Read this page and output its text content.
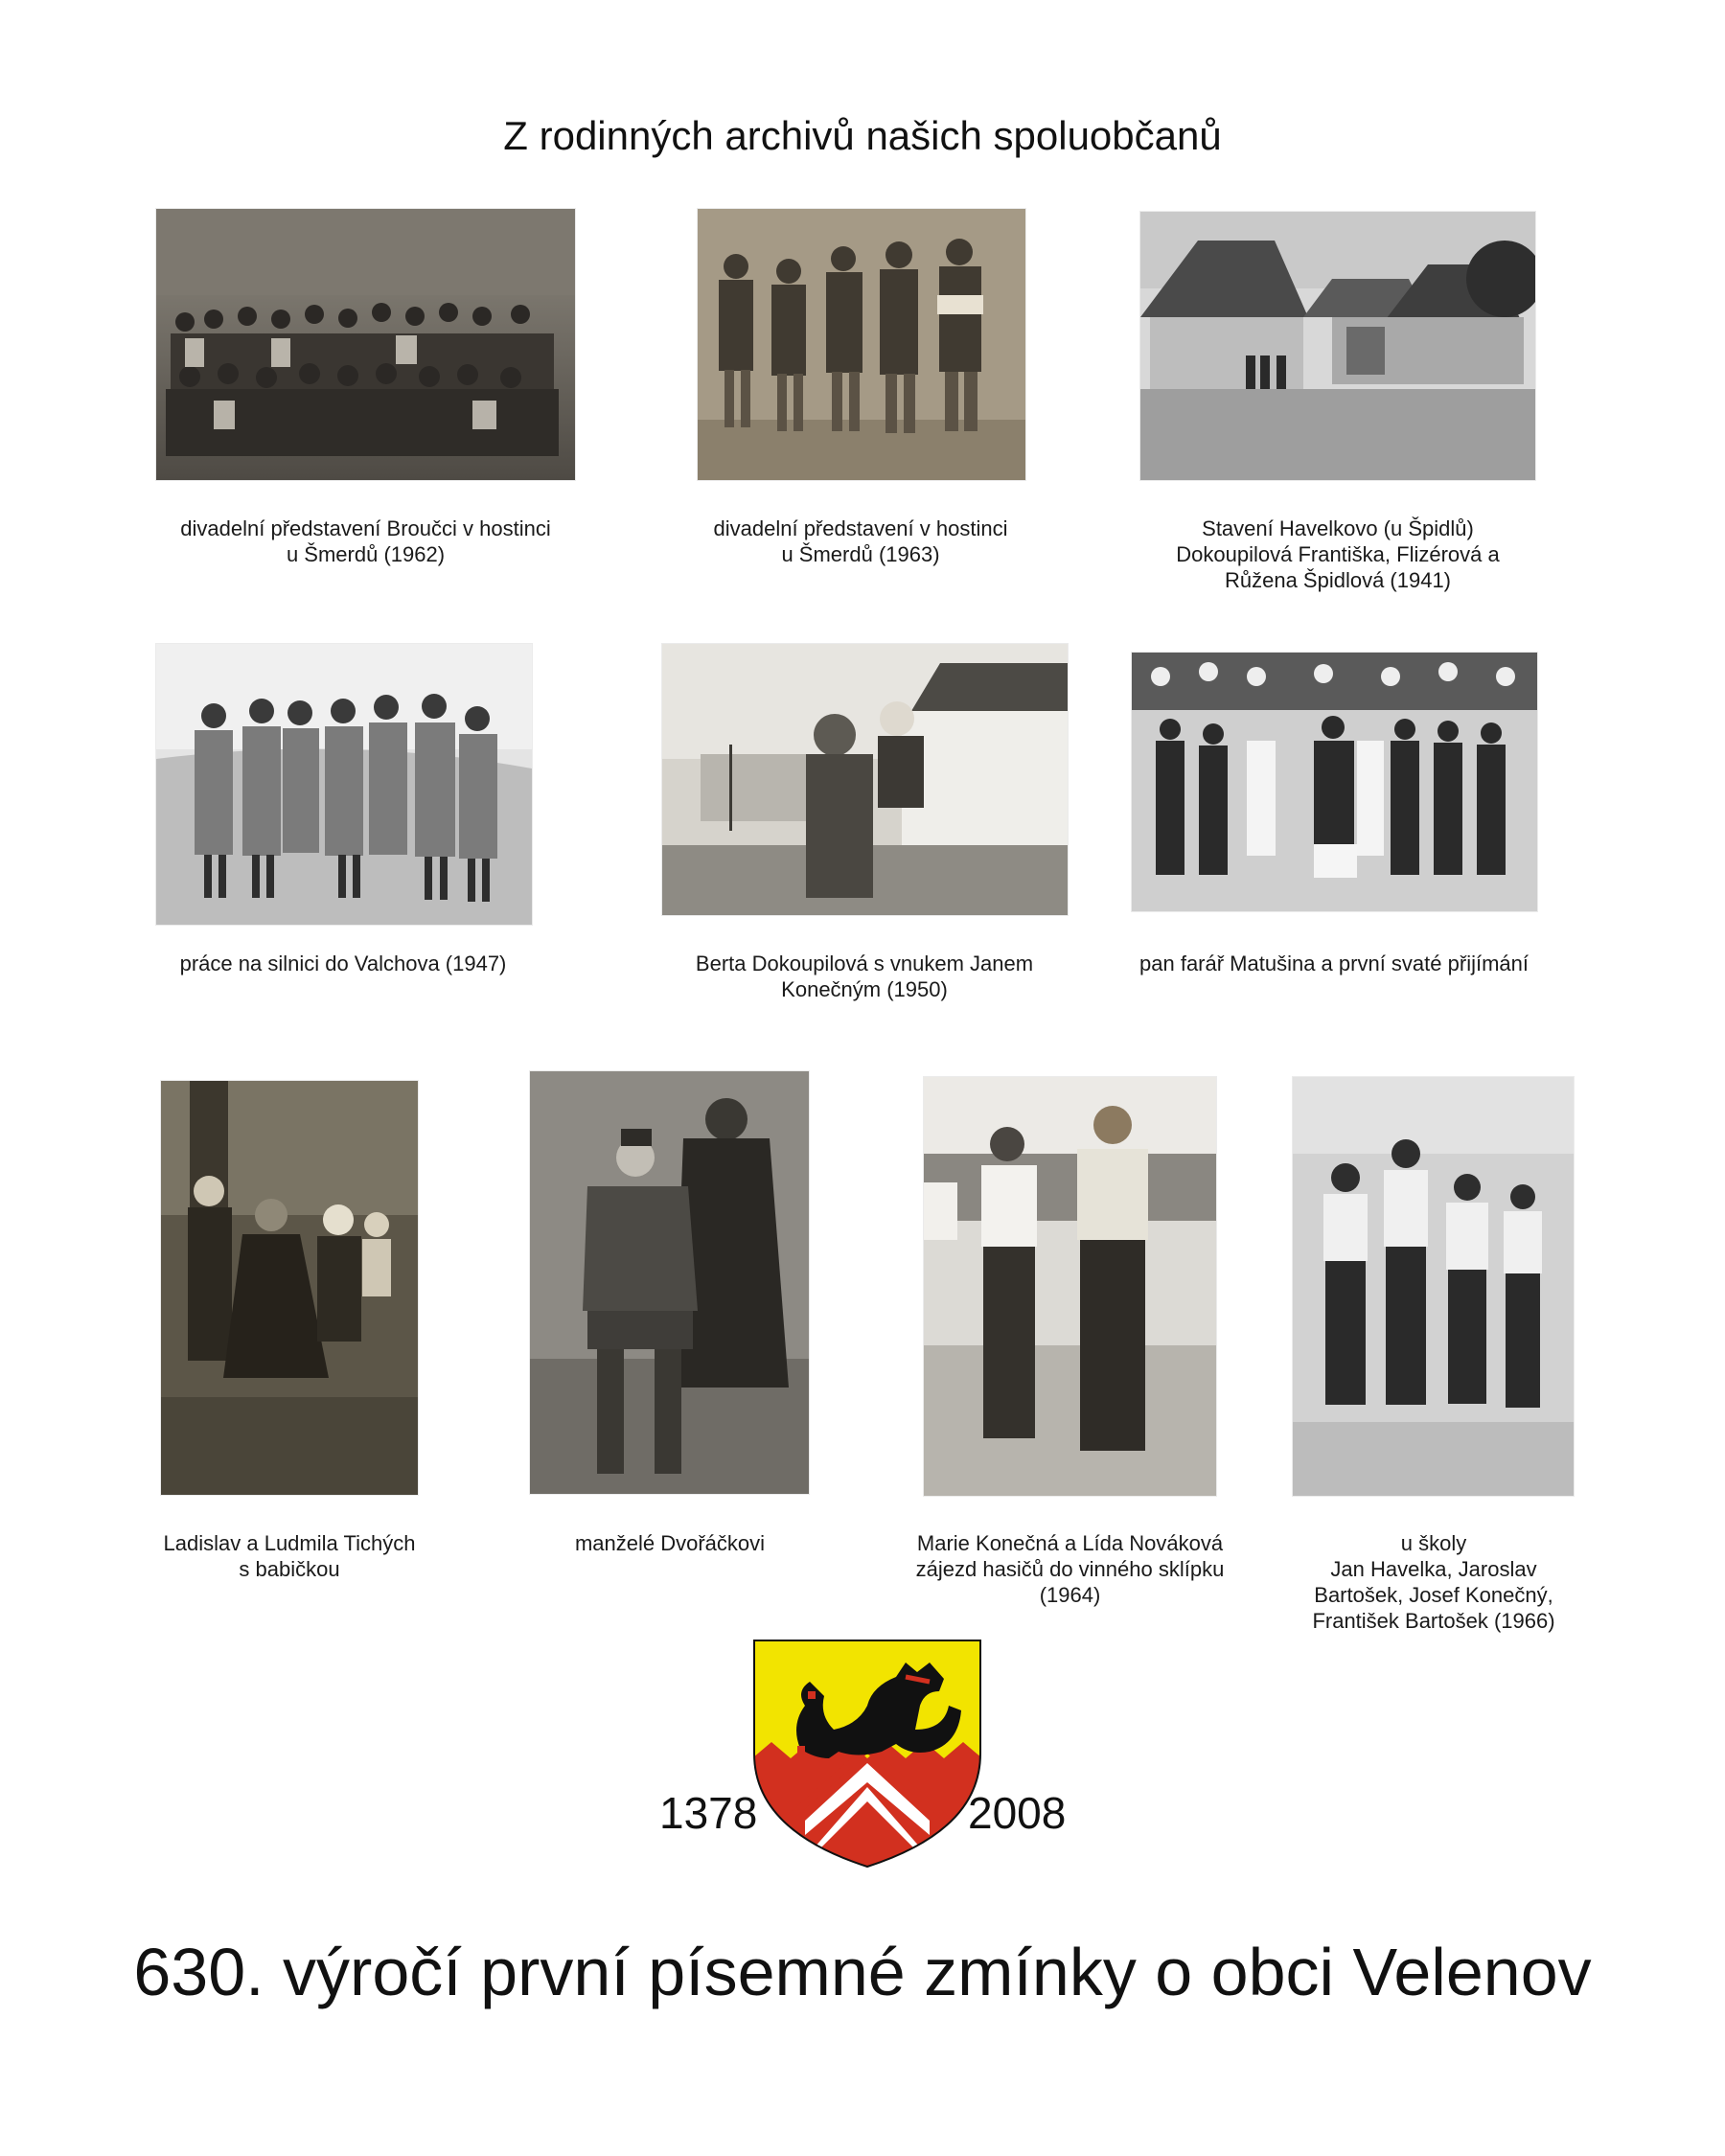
Z rodinných archivů našich spoluobčanů
divadelní představení Broučci v hostinci
u Šmerdů (1962)
divadelní představení v hostinci
u Šmerdů (1963)
Stavení Havelkovo (u Špidlů)
Dokoupilová Františka, Flizérová a
Růžena Špidlová (1941)
práce na silnici do Valchova (1947)	Berta Dokoupilová s vnukem Janem
Konečným (1950)
pan farář Matušina a první svaté přijímání
Ladislav a Ludmila Tichých
s babičkou
manželé Dvořáčkovi	Marie Konečná a Lída Nováková
zájezd hasičů do vinného sklípku
(1964)
u školy
Jan Havelka, Jaroslav
Bartošek, Josef Konečný,
František Bartošek (1966)
1378	2008
630. výročí první písemné zmínky o obci Velenov
